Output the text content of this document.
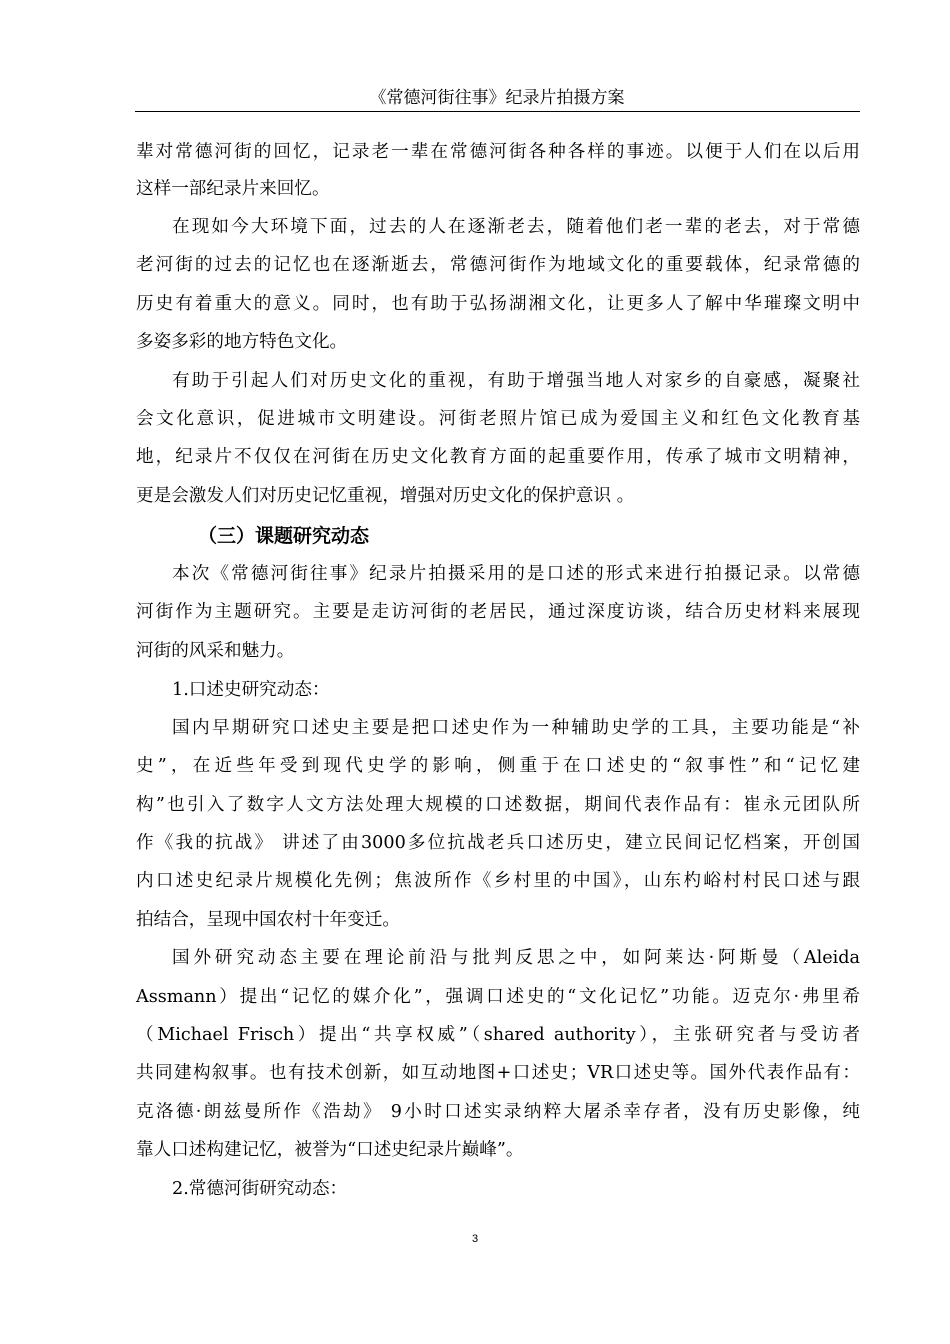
《常德河街往事》纪录片拍摄方案
辈对常德河街的回忆，记录老一辈在常德河街各种各样的事迹。以便于人们在以后用
这样一部纪录片来回忆。
在现如今大环境下面，过去的人在逐渐老去，随着他们老一辈的老去，对于常德
老河街的过去的记忆也在逐渐逝去，常德河街作为地域文化的重要载体，纪录常德的
历史有着重大的意义。同时，也有助于弘扬湖湘文化，让更多人了解中华璀璨文明中
多姿多彩的地方特色文化。
有助于引起人们对历史文化的重视，有助于增强当地人对家乡的自豪感，凝聚社
会文化意识，促进城市文明建设。河街老照片馆已成为爱国主义和红色文化教育基
地，纪录片不仅仅在河街在历史文化教育方面的起重要作用，传承了城市文明精神，
更是会激发人们对历史记忆重视，增强对历史文化的保护意识 。
（三）课题研究动态
本次《常德河街往事》纪录片拍摄采用的是口述的形式来进行拍摄记录。以常德
河街作为主题研究。主要是走访河街的老居民，通过深度访谈，结合历史材料来展现
河街的风采和魅力。
1.口述史研究动态：
国内早期研究口述史主要是把口述史作为一种辅助史学的工具，主要功能是“补
史”，在近些年受到现代史学的影响，侧重于在口述史的“叙事性”和“记忆建
构”也引入了数字人文方法处理大规模的口述数据，期间代表作品有：崔永元团队所
作《我的抗战》 讲述了由3000多位抗战老兵口述历史，建立民间记忆档案，开创国
内口述史纪录片规模化先例；焦波所作《乡村里的中国》，山东杓峪村村民口述与跟
拍结合，呈现中国农村十年变迁。
国外研究动态主要在理论前沿与批判反思之中，如阿莱达·阿斯曼（Aleida
Assmann）提出“记忆的媒介化”，强调口述史的“文化记忆”功能。迈克尔·弗里希
（Michael Frisch）提出“共享权威”（shared authority），主张研究者与受访者
共同建构叙事。也有技术创新，如互动地图+口述史；VR口述史等。国外代表作品有：
克洛德·朗兹曼所作《浩劫》 9小时口述实录纳粹大屠杀幸存者，没有历史影像，纯
靠人口述构建记忆，被誉为“口述史纪录片巅峰”。
2.常德河街研究动态：
3
